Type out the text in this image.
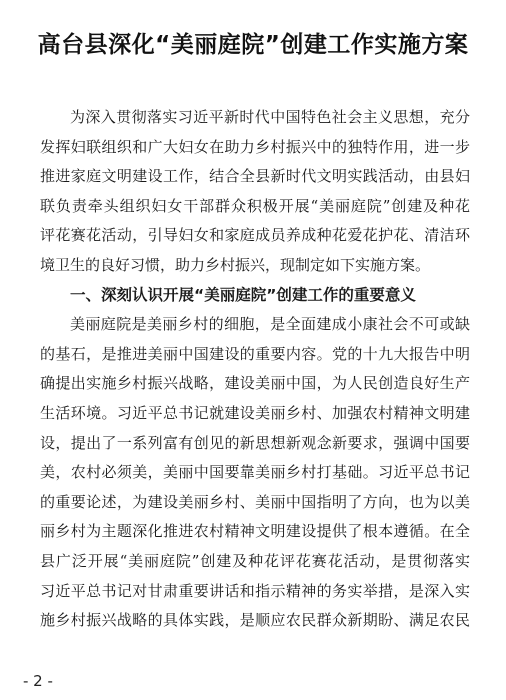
高台县深化“美丽庭院”创建工作实施方案
为深入贯彻落实习近平新时代中国特色社会主义思想，充分
发挥妇联组织和广大妇女在助力乡村振兴中的独特作用，进一步
推进家庭文明建设工作，结合全县新时代文明实践活动，由县妇
联负责牵头组织妇女干部群众积极开展“美丽庭院”创建及种花
评花赛花活动，引导妇女和家庭成员养成种花爱花护花、清洁环
境卫生的良好习惯，助力乡村振兴，现制定如下实施方案。
一、深刻认识开展“美丽庭院”创建工作的重要意义
美丽庭院是美丽乡村的细胞，是全面建成小康社会不可或缺
的基石，是推进美丽中国建设的重要内容。党的十九大报告中明
确提出实施乡村振兴战略，建设美丽中国，为人民创造良好生产
生活环境。习近平总书记就建设美丽乡村、加强农村精神文明建
设，提出了一系列富有创见的新思想新观念新要求，强调中国要
美，农村必须美，美丽中国要靠美丽乡村打基础。习近平总书记
的重要论述，为建设美丽乡村、美丽中国指明了方向，也为以美
丽乡村为主题深化推进农村精神文明建设提供了根本遵循。在全
县广泛开展“美丽庭院”创建及种花评花赛花活动，是贯彻落实
习近平总书记对甘肃重要讲话和指示精神的务实举措，是深入实
施乡村振兴战略的具体实践，是顺应农民群众新期盼、满足农民
- 2 -
